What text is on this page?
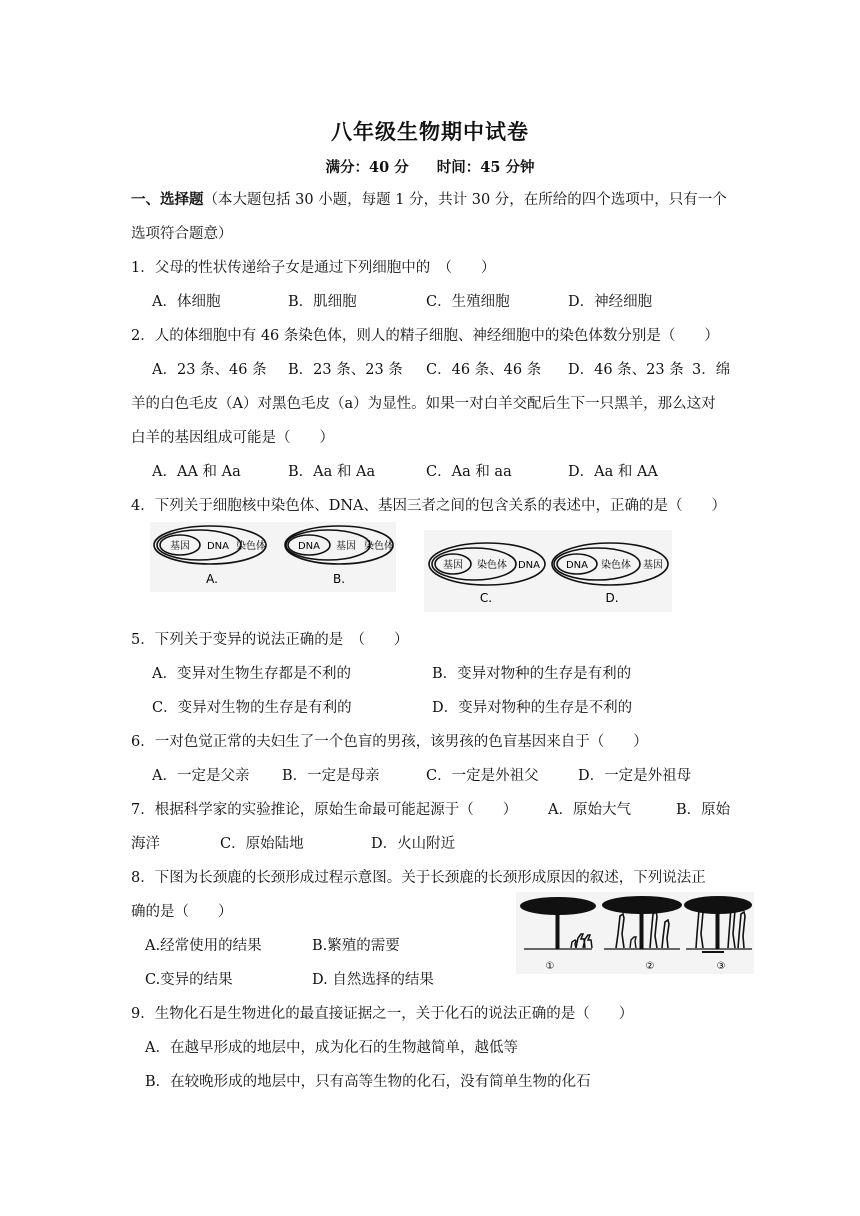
八年级生物期中试卷
满分：40 分 时间：45 分钟
一、选择题（本大题包括 30 小题，每题 1 分，共计 30 分，在所给的四个选项中，只有一个
选项符合题意）
1．父母的性状传递给子女是通过下列细胞中的　（　　）
A．体细胞	B．肌细胞	C．生殖细胞	D．神经细胞
2．人的体细胞中有 46 条染色体，则人的精子细胞、神经细胞中的染色体数分别是（　　）
A．23 条、46 条 B．23 条、23 条 C．46 条、46 条 D．46 条、23 条 3．绵
羊的白色毛皮（A）对黑色毛皮（a）为显性。如果一对白羊交配后生下一只黑羊，那么这对
白羊的基因组成可能是（　　）
A．AA 和 Aa	B．Aa 和 Aa	C．Aa 和 aa	D．Aa 和 AA
4．下列关于细胞核中染色体、DNA、基因三者之间的包含关系的表述中，正确的是（　　）
基因 DNA 染色体
A.
DNA 基因 染色体
B.
基因 染色体 DNA
C.
DNA 染色体 基因
D.
5．下列关于变异的说法正确的是　（　　）
A．变异对生物生存都是不利的	B．变异对物种的生存是有利的
C．变异对生物的生存是有利的	D．变异对物种的生存是不利的
6．一对色觉正常的夫妇生了一个色盲的男孩，该男孩的色盲基因来自于（　　）
A．一定是父亲 B．一定是母亲	C．一定是外祖父	D．一定是外祖母
7．根据科学家的实验推论，原始生命最可能起源于（　　） A．原始大气	B．原始
海洋	C．原始陆地	D．火山附近
8．下图为长颈鹿的长颈形成过程示意图。关于长颈鹿的长颈形成原因的叙述，下列说法正
确的是（　　）
A.经常使用的结果	B.繁殖的需要
C.变异的结果	D. 自然选择的结果
①	②	③
9．生物化石是生物进化的最直接证据之一，关于化石的说法正确的是（　　）
A．在越早形成的地层中，成为化石的生物越简单，越低等
B．在较晚形成的地层中，只有高等生物的化石，没有简单生物的化石
